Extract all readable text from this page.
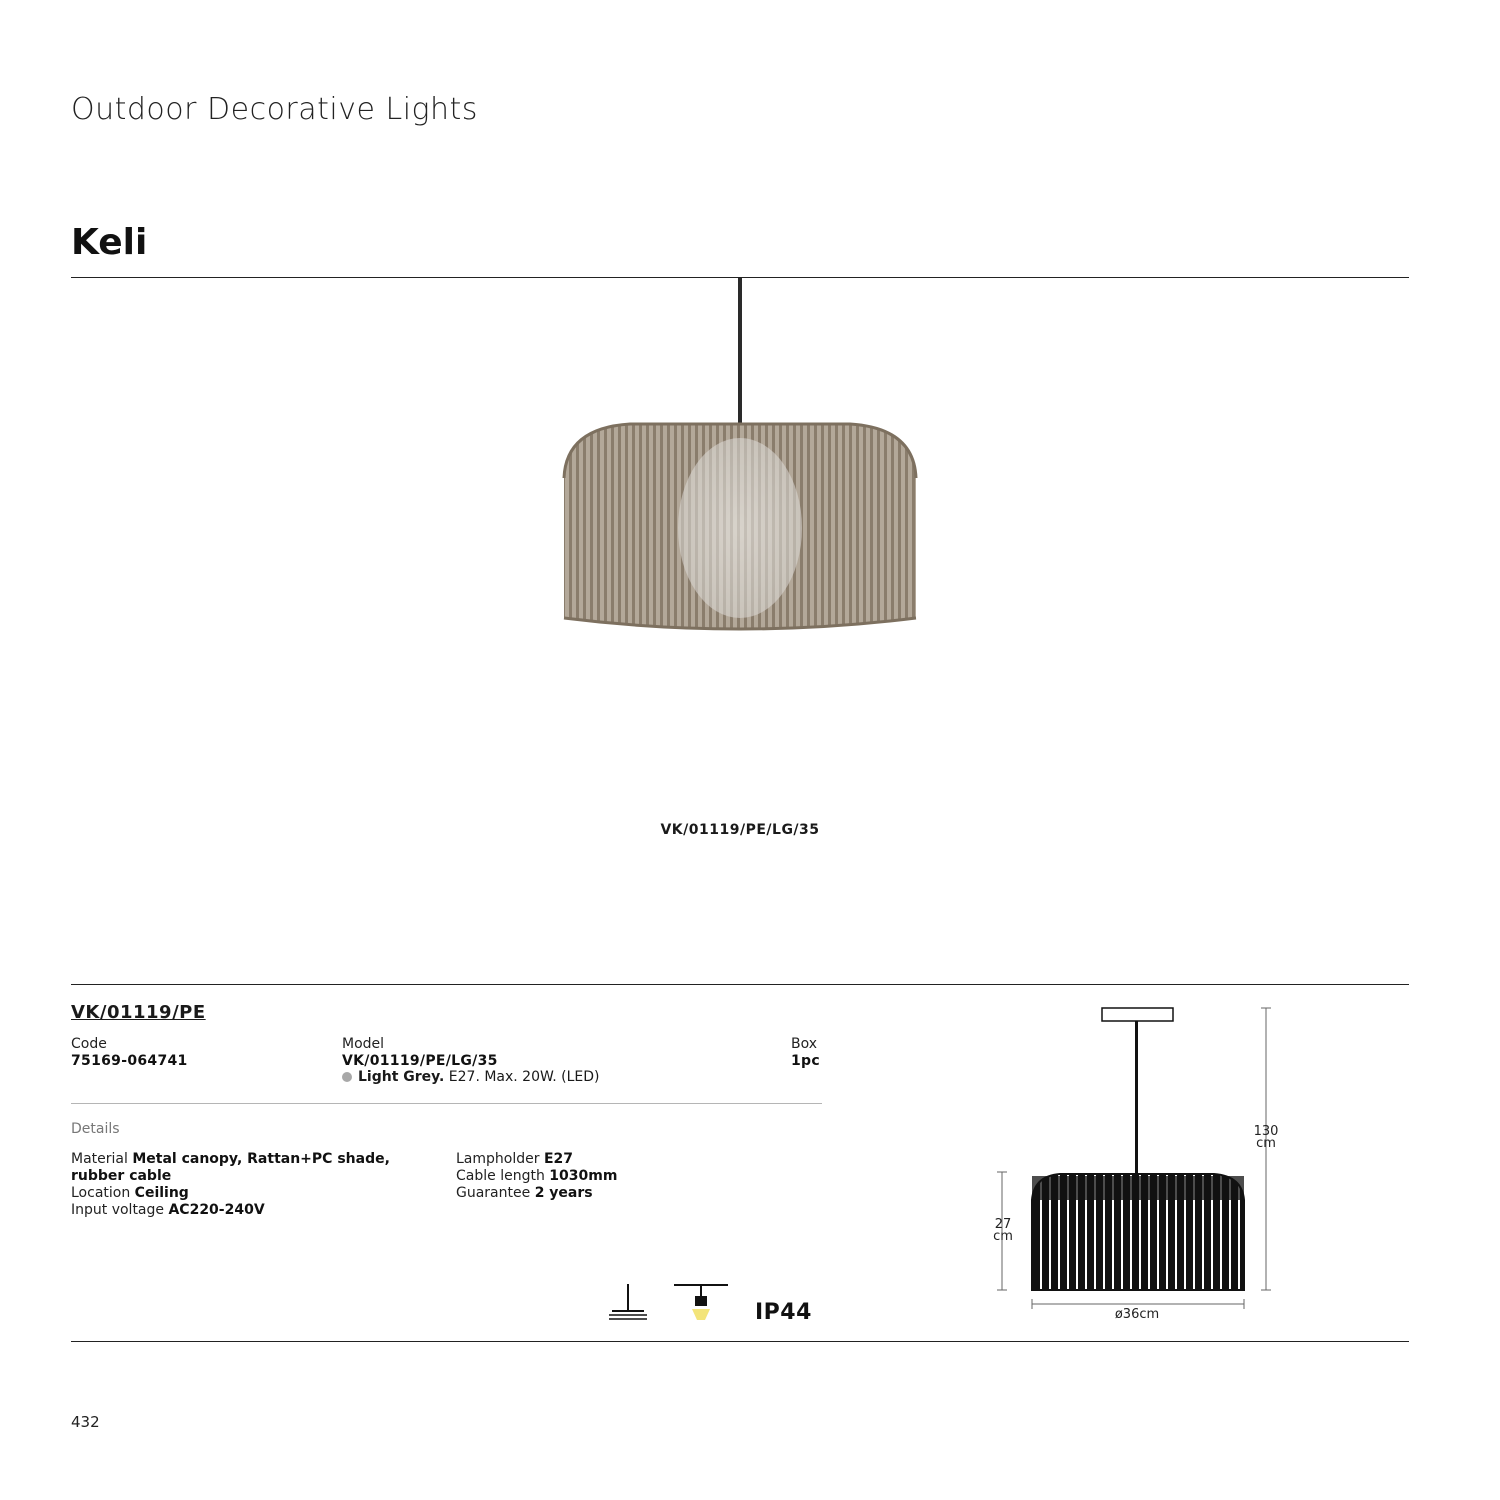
Outdoor Decorative Lights
Keli
VK/01119/PE/LG/35
VK/01119/PE
Code
75169-064741
Model
VK/01119/PE/LG/35
Light Grey. E27. Max. 20W. (LED)
Box
1pc
Details
Material Metal canopy, Rattan+PC shade,
rubber cable
Location Ceiling
Input voltage AC220-240V
Lampholder E27
Cable length 1030mm
Guarantee 2 years
IP44
130
cm
27
cm
ø36cm
432
